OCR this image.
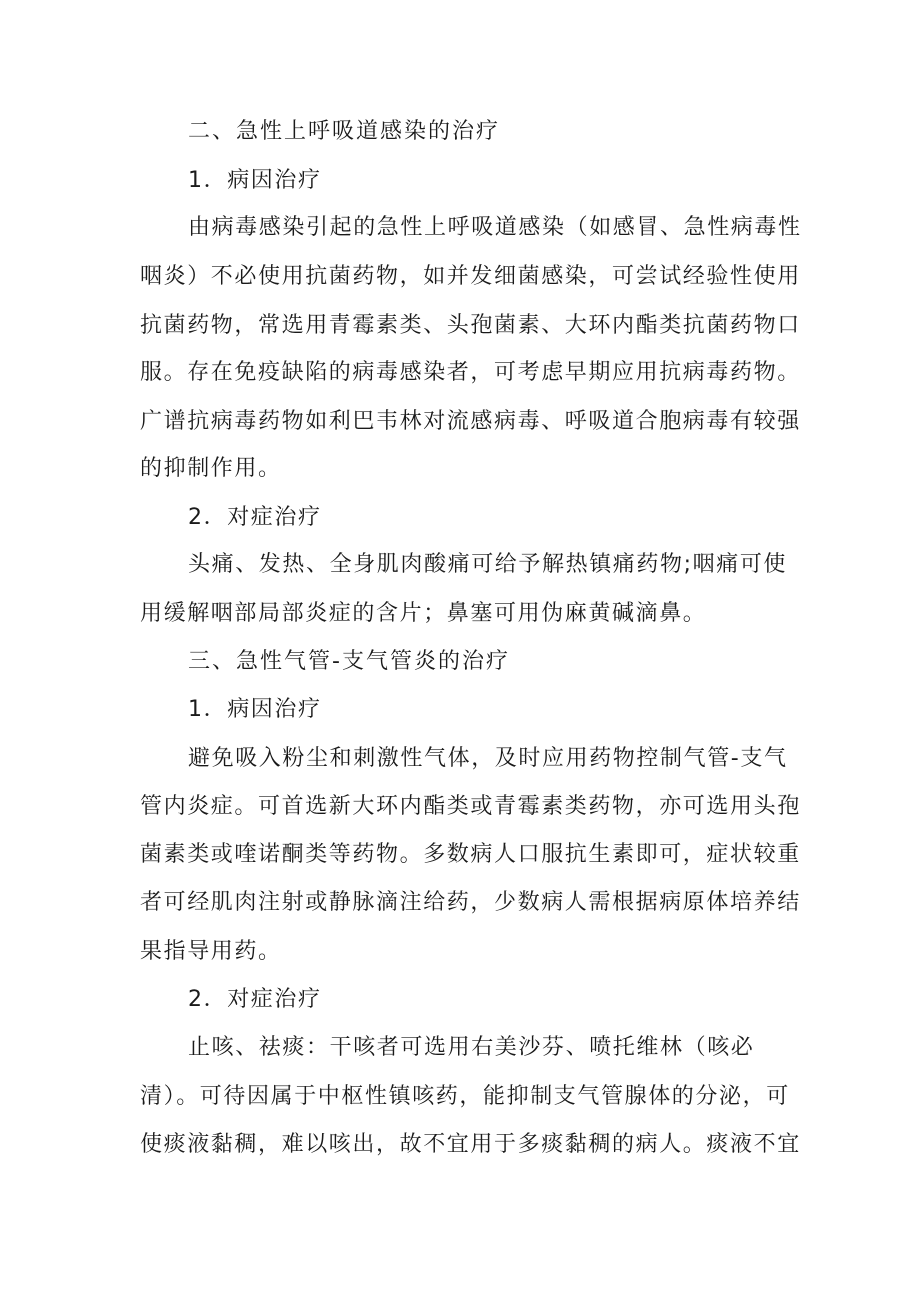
二、急性上呼吸道感染的治疗
1．病因治疗
由病毒感染引起的急性上呼吸道感染（如感冒、急性病毒性
咽炎）不必使用抗菌药物，如并发细菌感染，可尝试经验性使用
抗菌药物，常选用青霉素类、头孢菌素、大环内酯类抗菌药物口
服。存在免疫缺陷的病毒感染者，可考虑早期应用抗病毒药物。
广谱抗病毒药物如利巴韦林对流感病毒、呼吸道合胞病毒有较强
的抑制作用。
2．对症治疗
头痛、发热、全身肌肉酸痛可给予解热镇痛药物;咽痛可使
用缓解咽部局部炎症的含片；鼻塞可用伪麻黄碱滴鼻。
三、急性气管-支气管炎的治疗
1．病因治疗
避免吸入粉尘和刺激性气体，及时应用药物控制气管-支气
管内炎症。可首选新大环内酯类或青霉素类药物，亦可选用头孢
菌素类或喹诺酮类等药物。多数病人口服抗生素即可，症状较重
者可经肌肉注射或静脉滴注给药，少数病人需根据病原体培养结
果指导用药。
2．对症治疗
止咳、祛痰：干咳者可选用右美沙芬、喷托维林（咳必
清）。可待因属于中枢性镇咳药，能抑制支气管腺体的分泌，可
使痰液黏稠，难以咳出，故不宜用于多痰黏稠的病人。痰液不宜
